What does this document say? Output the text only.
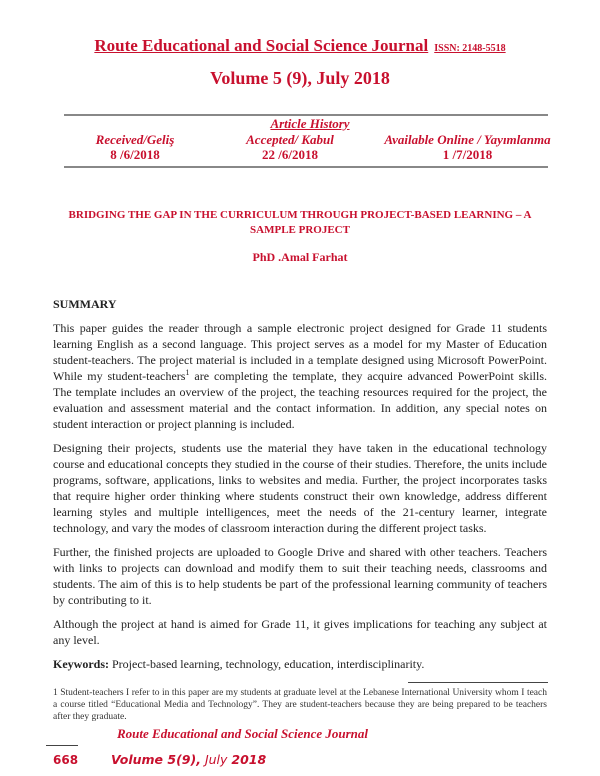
Route Educational and Social Science Journal ISSN: 2148-5518
Volume 5 (9), July 2018
Article History
Received/Geliş
8 /6/2018
Accepted/ Kabul
22 /6/2018
Available Online / Yayımlanma
1 /7/2018
BRIDGING THE GAP IN THE CURRICULUM THROUGH PROJECT-BASED LEARNING – A SAMPLE PROJECT
PhD .Amal Farhat

SUMMARY

This paper guides the reader through a sample electronic project designed for Grade 11 students learning English as a second language. This project serves as a model for my Master of Education student-teachers. The project material is included in a template designed using Microsoft PowerPoint. While my student-teachers$^1$ are completing the template, they acquire advanced PowerPoint skills. The template includes an overview of the project, the teaching resources required for the project, the evaluation and assessment material and the contact information. In addition, any special notes on student interaction or project planning is included.

Designing their projects, students use the material they have taken in the educational technology course and educational concepts they studied in the course of their studies. Therefore, the units include programs, software, applications, links to websites and media. Further, the project incorporates tasks that require higher order thinking where students construct their own knowledge, address different learning styles and multiple intelligences, meet the needs of the 21-century learner, integrate technology, and vary the modes of classroom interaction during the different project tasks.

Further, the finished projects are uploaded to Google Drive and shared with other teachers. Teachers with links to projects can download and modify them to suit their teaching needs, classrooms and students. The aim of this is to help students be part of the professional learning community of teachers by contributing to it.

Although the project at hand is aimed for Grade 11, it gives implications for teaching any subject at any level.

Keywords: Project-based learning, technology, education, interdisciplinarity.

1 Student-teachers I refer to in this paper are my students at graduate level at the Lebanese International University whom I teach a course titled “Educational Media and Technology”. They are student-teachers because they are being prepared to be teachers after they graduate.
Route Educational and Social Science Journal
668	Volume 5(9), July 2018
